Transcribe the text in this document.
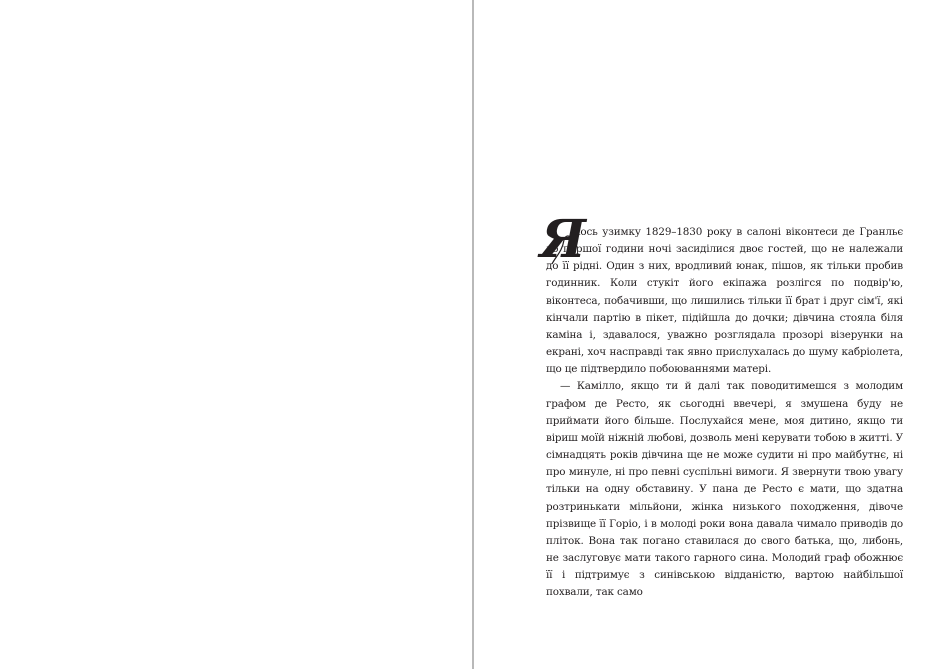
Я
кось узимку 1829–1830 року в салоні віконтеси де Гранльє до першої години ночі засиділися двоє гостей, що не належали до її рідні. Один з них, вродливий юнак, пішов, як тільки пробив годинник. Коли стукіт його екіпажа розлігся по подвір'ю, віконтеса, побачивши, що лишились тільки її брат і друг сім'ї, які кінчали партію в пікет, підійшла до дочки; дівчина стояла біля каміна і, здавалося, уважно розглядала прозорі візерунки на екрані, хоч насправді так явно прислухалась до шуму кабріолета, що це підтвердило побоюваннями матері.

— Камілло, якщо ти й далі так поводитимешся з молодим графом де Ресто, як сьогодні ввечері, я змушена буду не приймати його більше. Послухайся мене, моя дитино, якщо ти віриш моїй ніжній любові, дозволь мені керувати тобою в житті. У сімнадцять років дівчина ще не може судити ні про майбутнє, ні про минуле, ні про певні суспільні вимоги. Я звернути твою увагу тільки на одну обставину. У пана де Ресто є мати, що здатна розтринькати мільйони, жінка низького походження, дівоче прізвище її Горіо, і в молоді роки вона давала чимало приводів до пліток. Вона так погано ставилася до свого батька, що, либонь, не заслуговує мати такого гарного сина. Молодий граф обожнює її і підтримує з синівською відданістю, вартою найбільшої похвали, так само
